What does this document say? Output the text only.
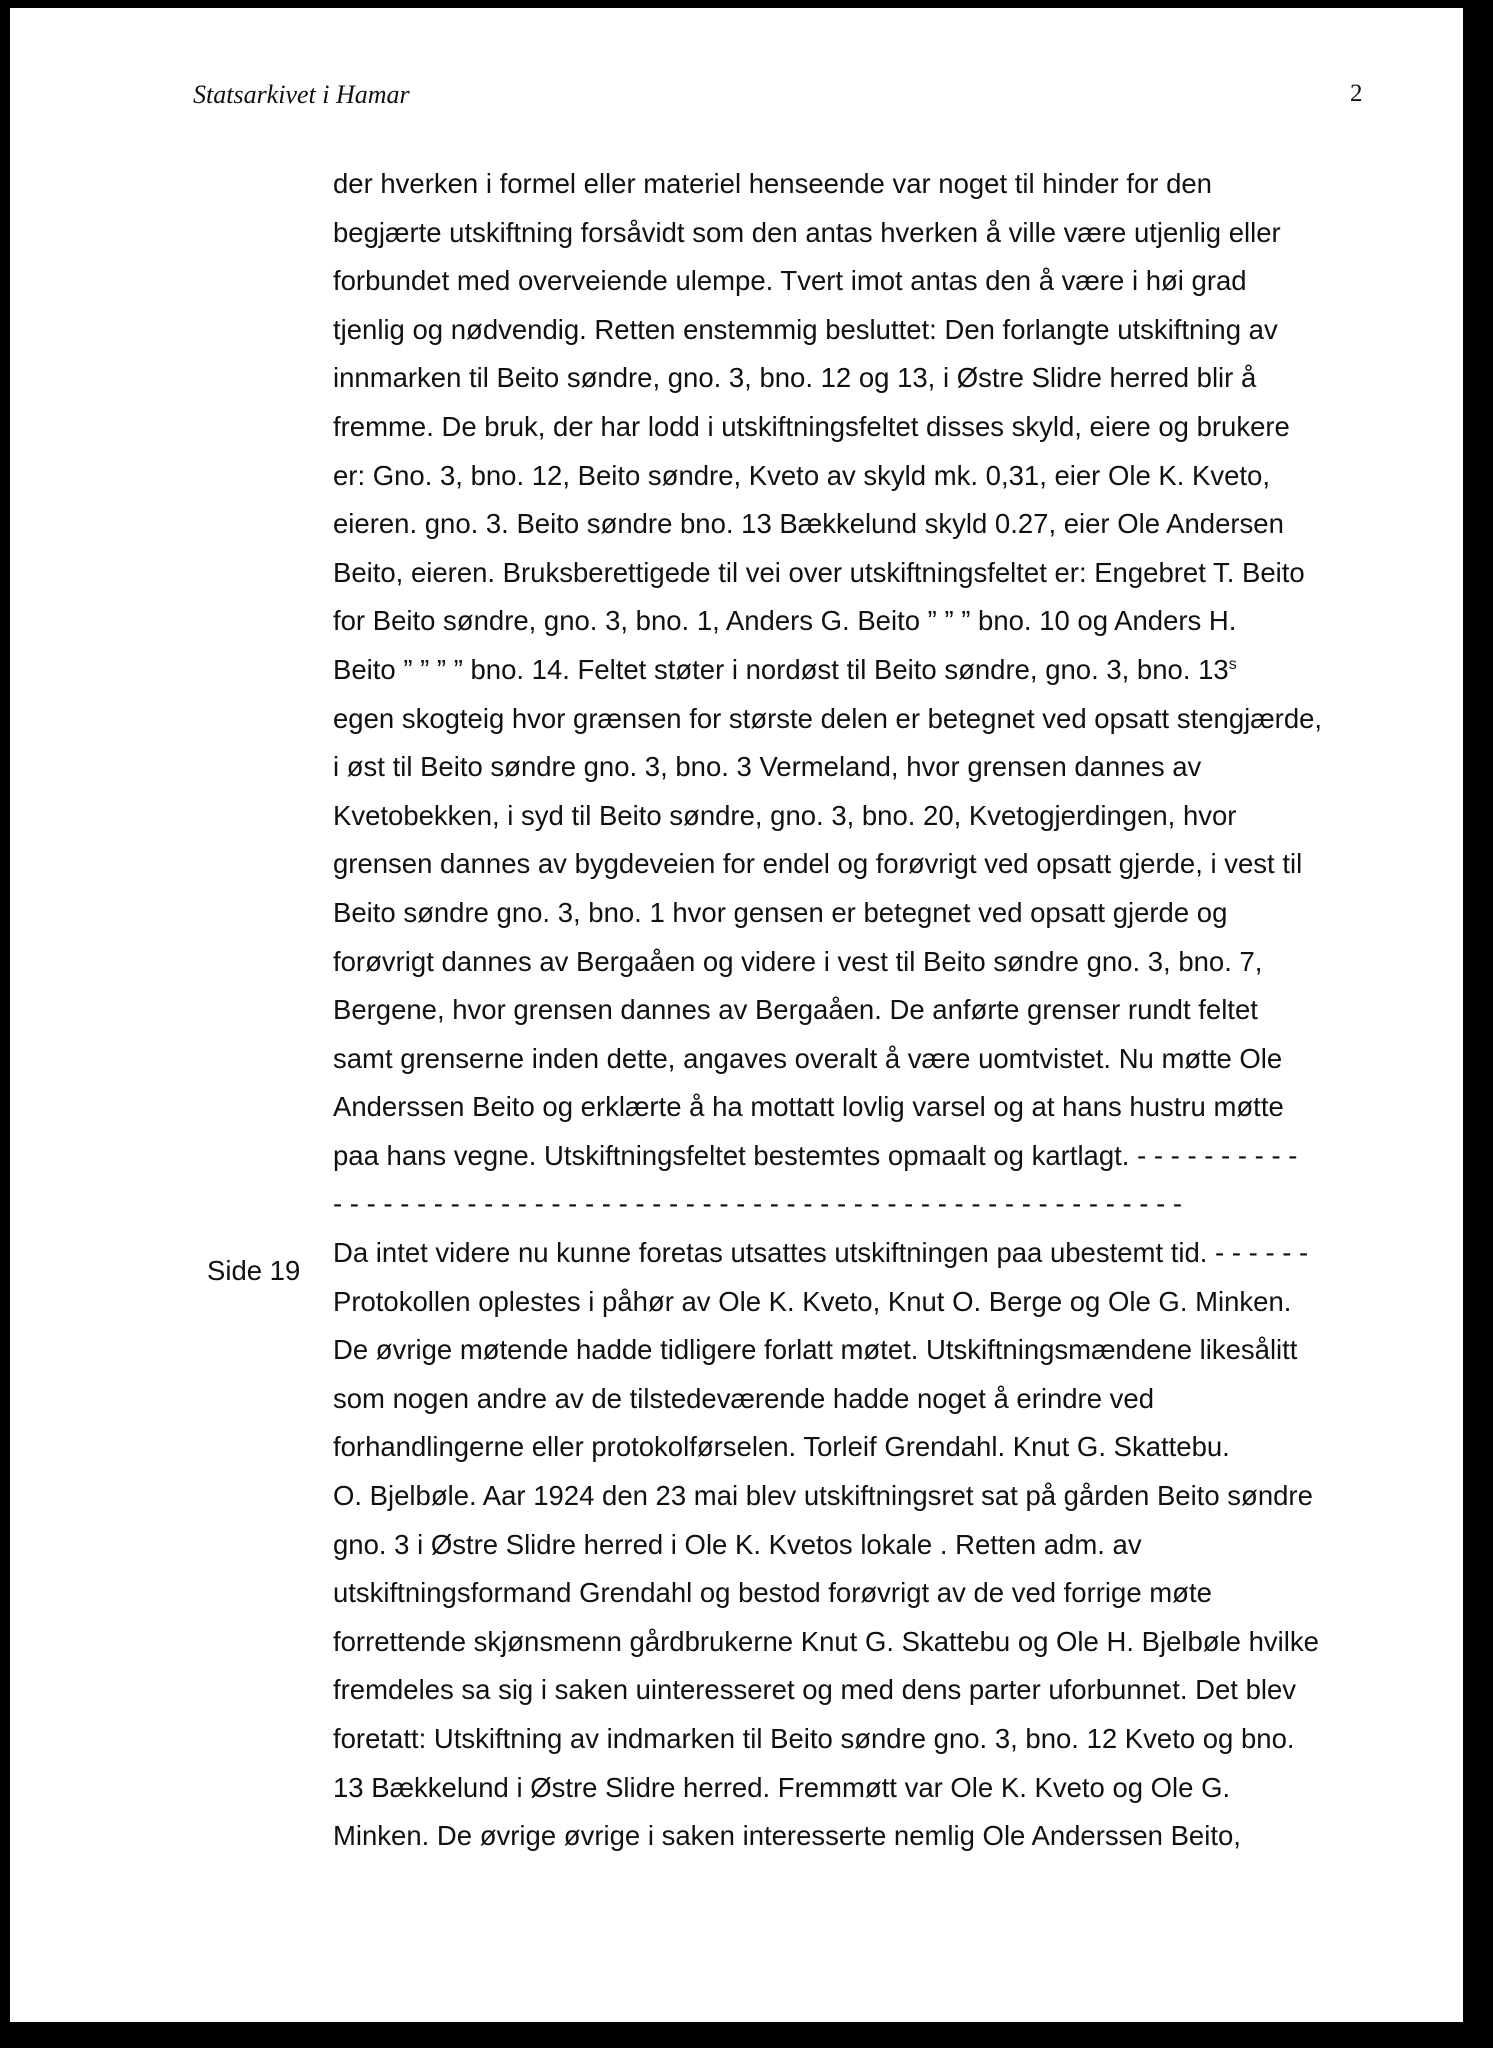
Statsarkivet i Hamar	2
Side 19
der hverken i formel eller materiel henseende var noget til hinder for den
begjærte utskiftning forsåvidt som den antas hverken å ville være utjenlig eller
forbundet med overveiende ulempe. Tvert imot antas den å være i høi grad
tjenlig og nødvendig. Retten enstemmig besluttet: Den forlangte utskiftning av
innmarken til Beito søndre, gno. 3, bno. 12 og 13, i Østre Slidre herred blir å
fremme. De bruk, der har lodd i utskiftningsfeltet disses skyld, eiere og brukere
er: Gno. 3, bno. 12, Beito søndre, Kveto av skyld mk. 0,31, eier Ole K. Kveto,
eieren. gno. 3. Beito søndre bno. 13 Bækkelund skyld 0.27, eier Ole Andersen
Beito, eieren. Bruksberettigede til vei over utskiftningsfeltet er: Engebret T. Beito
for Beito søndre, gno. 3, bno. 1, Anders G. Beito ” ” ” bno. 10 og Anders H.
Beito ” ” ” ” bno. 14. Feltet støter i nordøst til Beito søndre, gno. 3, bno. 13$^s$
egen skogteig hvor grænsen for største delen er betegnet ved opsatt stengjærde,
i øst til Beito søndre gno. 3, bno. 3 Vermeland, hvor grensen dannes av
Kvetobekken, i syd til Beito søndre, gno. 3, bno. 20, Kvetogjerdingen, hvor
grensen dannes av bygdeveien for endel og forøvrigt ved opsatt gjerde, i vest til
Beito søndre gno. 3, bno. 1 hvor gensen er betegnet ved opsatt gjerde og
forøvrigt dannes av Bergaåen og videre i vest til Beito søndre gno. 3, bno. 7,
Bergene, hvor grensen dannes av Bergaåen. De anførte grenser rundt feltet
samt grenserne inden dette, angaves overalt å være uomtvistet. Nu møtte Ole
Anderssen Beito og erklærte å ha mottatt lovlig varsel og at hans hustru møtte
paa hans vegne. Utskiftningsfeltet bestemtes opmaalt og kartlagt. - - - - - - - - - -
- - - - - - - - - - - - - - - - - - - - - - - - - - - - - - - - - - - - - - - - - - - - - - - - - - -
Da intet videre nu kunne foretas utsattes utskiftningen paa ubestemt tid. - - - - - -
Protokollen oplestes i påhør av Ole K. Kveto, Knut O. Berge og Ole G. Minken.
De øvrige møtende hadde tidligere forlatt møtet. Utskiftningsmændene likesålitt
som nogen andre av de tilstedeværende hadde noget å erindre ved
forhandlingerne eller protokolførselen. Torleif Grendahl. Knut G. Skattebu.
O. Bjelbøle. Aar 1924 den 23 mai blev utskiftningsret sat på gården Beito søndre
gno. 3 i Østre Slidre herred i Ole K. Kvetos lokale . Retten adm. av
utskiftningsformand Grendahl og bestod forøvrigt av de ved forrige møte
forrettende skjønsmenn gårdbrukerne Knut G. Skattebu og Ole H. Bjelbøle hvilke
fremdeles sa sig i saken uinteresseret og med dens parter uforbunnet. Det blev
foretatt: Utskiftning av indmarken til Beito søndre gno. 3, bno. 12 Kveto og bno.
13 Bækkelund i Østre Slidre herred. Fremmøtt var Ole K. Kveto og Ole G.
Minken. De øvrige øvrige i saken interesserte nemlig Ole Anderssen Beito,
